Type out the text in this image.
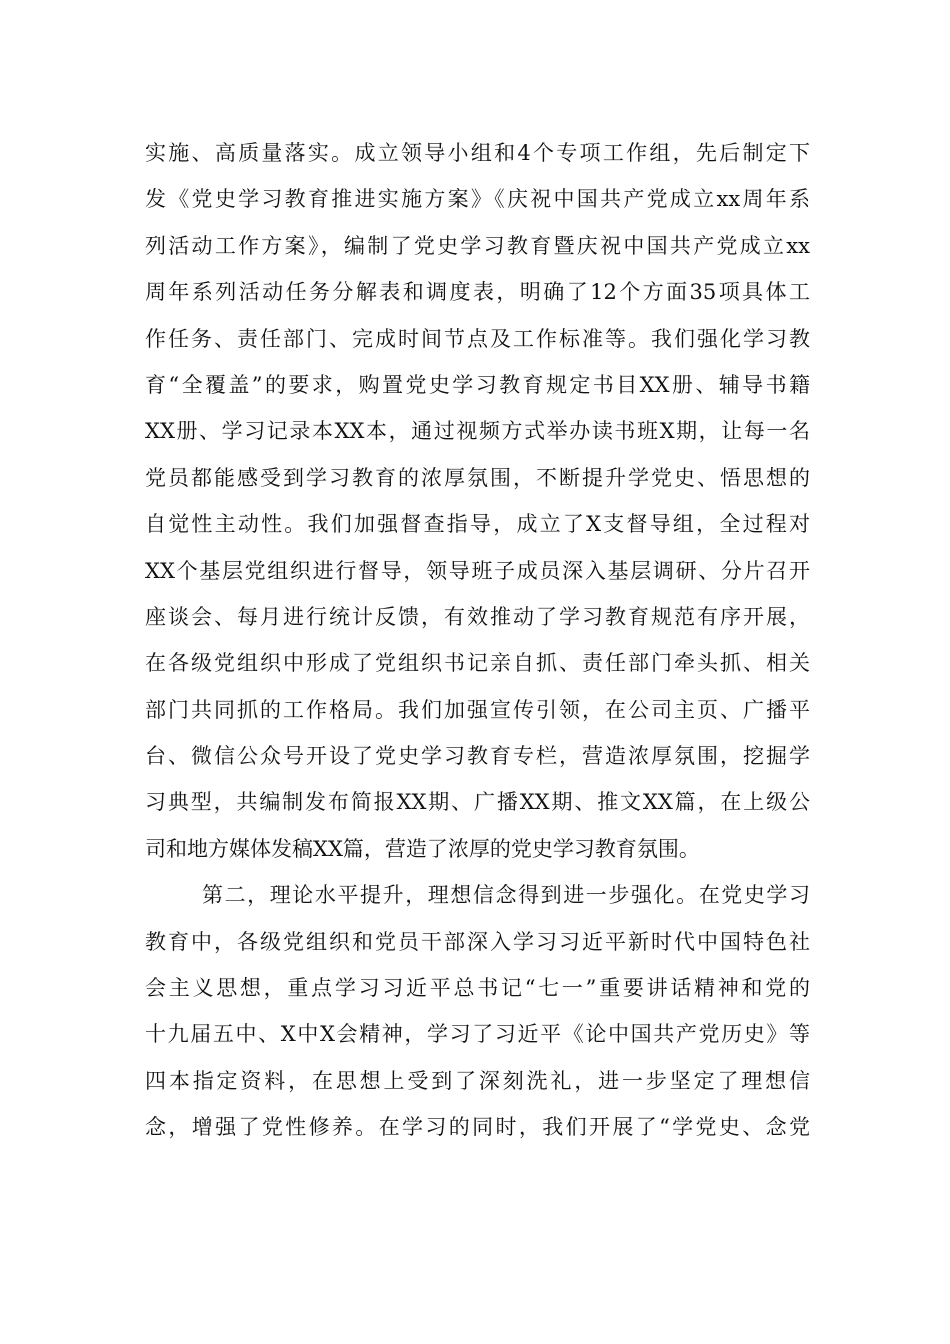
实施、高质量落实。成立领导小组和4个专项工作组，先后制定下
发《党史学习教育推进实施方案》《庆祝中国共产党成立xx周年系
列活动工作方案》，编制了党史学习教育暨庆祝中国共产党成立xx
周年系列活动任务分解表和调度表，明确了12个方面35项具体工
作任务、责任部门、完成时间节点及工作标准等。我们强化学习教
育“全覆盖”的要求，购置党史学习教育规定书目XX册、辅导书籍
XX册、学习记录本XX本，通过视频方式举办读书班X期，让每一名
党员都能感受到学习教育的浓厚氛围，不断提升学党史、悟思想的
自觉性主动性。我们加强督查指导，成立了X支督导组，全过程对
XX个基层党组织进行督导，领导班子成员深入基层调研、分片召开
座谈会、每月进行统计反馈，有效推动了学习教育规范有序开展，
在各级党组织中形成了党组织书记亲自抓、责任部门牵头抓、相关
部门共同抓的工作格局。我们加强宣传引领，在公司主页、广播平
台、微信公众号开设了党史学习教育专栏，营造浓厚氛围，挖掘学
习典型，共编制发布简报XX期、广播XX期、推文XX篇，在上级公
司和地方媒体发稿XX篇，营造了浓厚的党史学习教育氛围。
第二，理论水平提升，理想信念得到进一步强化。在党史学习
教育中，各级党组织和党员干部深入学习习近平新时代中国特色社
会主义思想，重点学习习近平总书记“七一”重要讲话精神和党的
十九届五中、X中X会精神，学习了习近平《论中国共产党历史》等
四本指定资料，在思想上受到了深刻洗礼，进一步坚定了理想信
念，增强了党性修养。在学习的同时，我们开展了“学党史、念党
